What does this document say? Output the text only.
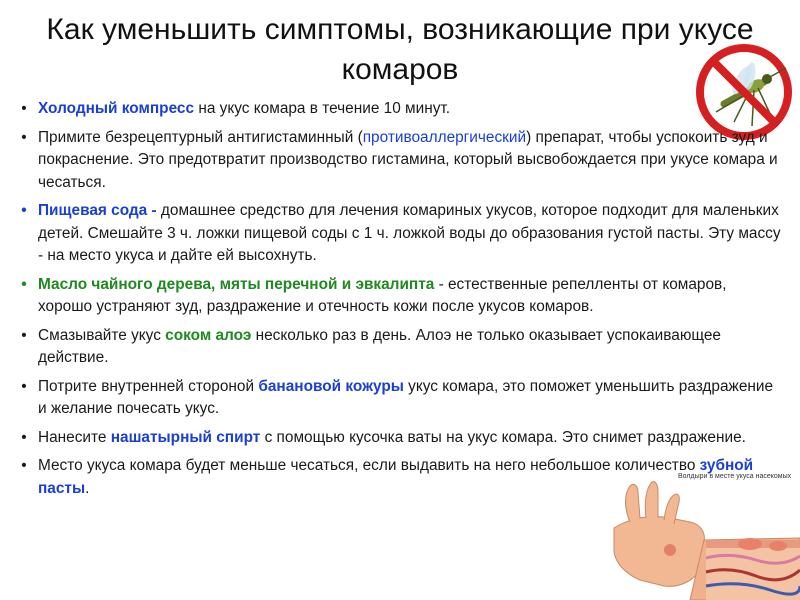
Как уменьшить симптомы, возникающие при укусе комаров
• Холодный компресс на укус комара в течение 10 минут.
• Примите безрецептурный антигистаминный (противоаллергический) препарат, чтобы успокоить зуд и покраснение. Это предотвратит производство гистамина, который высвобождается при укусе комара и чесаться.
• Пищевая сода - домашнее средство для лечения комариных укусов, которое подходит для маленьких детей. Смешайте 3 ч. ложки пищевой соды с 1 ч. ложкой воды до образования густой пасты. Эту массу - на место укуса и дайте ей высохнуть.
• Масло чайного дерева, мяты перечной и эвкалипта - естественные репелленты от комаров, хорошо устраняют зуд, раздражение и отечность кожи после укусов комаров.
• Смазывайте укус соком алоэ несколько раз в день. Алоэ не только оказывает успокаивающее действие.
• Потрите внутренней стороной банановой кожуры укус комара, это поможет уменьшить раздражение и желание почесать укус.
• Нанесите нашатырный спирт с помощью кусочка ваты на укус комара. Это снимет раздражение.
• Место укуса комара будет меньше чесаться, если выдавить на него небольшое количество зубной пасты.
Волдыри в месте укуса насекомых
